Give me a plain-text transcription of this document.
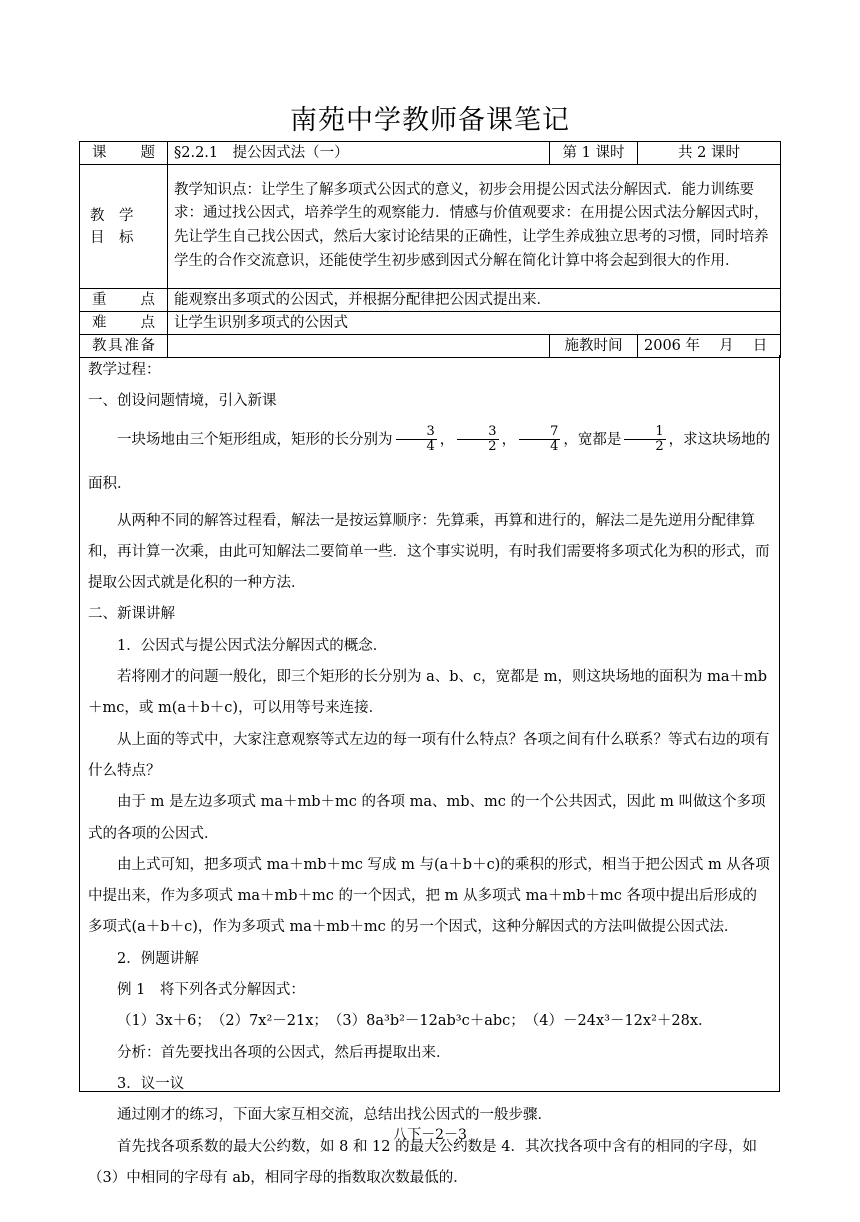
南苑中学教师备课笔记
课　　题	§2.2.1　提公因式法（一）	第 1 课时	共 2 课时

教　学
目　标	教学知识点：让学生了解多项式公因式的意义，初步会用提公因式法分解因式．能力训练要求：通过找公因式，培养学生的观察能力．情感与价值观要求：在用提公因式法分解因式时，先让学生自己找公因式，然后大家讨论结果的正确性，让学生养成独立思考的习惯，同时培养学生的合作交流意识，还能使学生初步感到因式分解在简化计算中将会起到很大的作用．		
重　　点	能观察出多项式的公因式，并根据分配律把公因式提出来．		
难　　点	让学生识别多项式的公因式		
教具准备		施教时间	2006 年　 月　 日

教学过程：

一、创设问题情境，引入新课

一块场地由三个矩形组成，矩形的长分别为 $\frac{3}{4}$ ， $\frac{3}{2}$ ， $\frac{7}{4}$ ，宽都是 $\frac{1}{2}$ ，求这块场地的面积．

从两种不同的解答过程看，解法一是按运算顺序：先算乘，再算和进行的，解法二是先逆用分配律算和，再计算一次乘，由此可知解法二要简单一些．这个事实说明，有时我们需要将多项式化为积的形式，而提取公因式就是化积的一种方法．

二、新课讲解

1．公因式与提公因式法分解因式的概念．

若将刚才的问题一般化，即三个矩形的长分别为 a、b、c，宽都是 m，则这块场地的面积为 ma＋mb＋mc，或 m(a＋b＋c)，可以用等号来连接．

从上面的等式中，大家注意观察等式左边的每一项有什么特点？各项之间有什么联系？等式右边的项有什么特点？

由于 m 是左边多项式 ma＋mb＋mc 的各项 ma、mb、mc 的一个公共因式，因此 m 叫做这个多项式的各项的公因式．

由上式可知，把多项式 ma＋mb＋mc 写成 m 与(a＋b＋c)的乘积的形式，相当于把公因式 m 从各项中提出来，作为多项式 ma＋mb＋mc 的一个因式，把 m 从多项式 ma＋mb＋mc 各项中提出后形成的多项式(a＋b＋c)，作为多项式 ma＋mb＋mc 的另一个因式，这种分解因式的方法叫做提公因式法．

2．例题讲解

例 1　将下列各式分解因式：

（1）3x＋6；　（2）7x²－21x；　（3）8a³b²－12ab³c＋abc；　（4）－24x³－12x²＋28x．

分析：首先要找出各项的公因式，然后再提取出来．

3．议一议

通过刚才的练习，下面大家互相交流，总结出找公因式的一般步骤．

首先找各项系数的最大公约数，如 8 和 12 的最大公约数是 4．其次找各项中含有的相同的字母，如（3）中相同的字母有 ab，相同字母的指数取次数最低的．

八下－2－3
